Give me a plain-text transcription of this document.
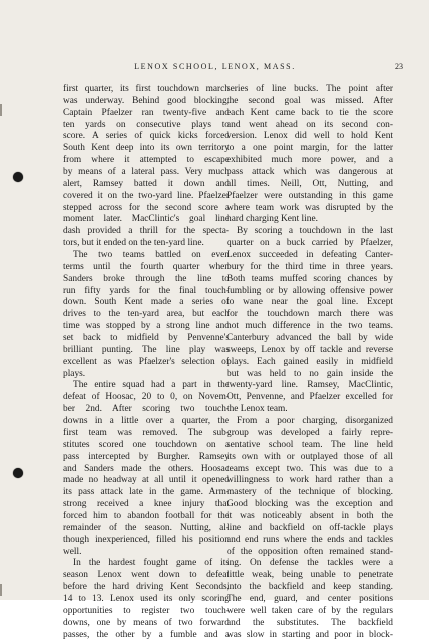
LENOX SCHOOL, LENOX, MASS.	23
first quarter, its first touchdown march
was underway. Behind good blocking,
Captain Pfaelzer ran twenty-five and
ten yards on consecutive plays to
score. A series of quick kicks forced
South Kent deep into its own territory
from where it attempted to escape
by means of a lateral pass. Very much
alert, Ramsey batted it down and
covered it on the two-yard line. Pfaelzer
stepped across for the second score a
moment later. MacClintic's goal line
dash provided a thrill for the specta-
tors, but it ended on the ten-yard line.
The two teams battled on even
terms until the fourth quarter when
Sanders broke through the line to
run fifty yards for the final touch-
down. South Kent made a series of
drives to the ten-yard area, but each
time was stopped by a strong line and
set back to midfield by Penvenne's
brilliant punting. The line play was
excellent as was Pfaelzer's selection of
plays.
The entire squad had a part in the
defeat of Hoosac, 20 to 0, on Novem-
ber 2nd. After scoring two touch-
downs in a little over a quarter, the
first team was removed. The sub-
stitutes scored one touchdown on a
pass intercepted by Burgher. Ramsey
and Sanders made the others. Hoosac
made no headway at all until it opened
its pass attack late in the game. Arm-
strong received a knee injury that
forced him to abandon football for the
remainder of the season. Nutting, al-
though inexperienced, filled his position
well.
In the hardest fought game of its
season Lenox went down to defeat
before the hard driving Kent Seconds,
14 to 13. Lenox used its only scoring
opportunities to register two touch-
downs, one by means of two forward
passes, the other by a fumble and a
series of line bucks. The point after
the second goal was missed. After
each Kent came back to tie the score
and went ahead on its second con-
version. Lenox did well to hold Kent
to a one point margin, for the latter
exhibited much more power, and a
pass attack which was dangerous at
all times. Neill, Ott, Nutting, and
Pfaelzer were outstanding in this game
where team work was disrupted by the
hard charging Kent line.
By scoring a touchdown in the last
quarter on a buck carried by Pfaelzer,
Lenox succeeded in defeating Canter-
bury for the third time in three years.
Both teams muffed scoring chances by
fumbling or by allowing offensive power
to wane near the goal line. Except
for the touchdown march there was
not much difference in the two teams.
Canterbury advanced the ball by wide
sweeps, Lenox by off tackle and reverse
plays. Each gained easily in midfield
but was held to no gain inside the
twenty-yard line. Ramsey, MacClintic,
Ott, Penvenne, and Pfaelzer excelled for
the Lenox team.
From a poor charging, disorganized
group was developed a fairly repre-
sentative school team. The line held
its own with or outplayed those of all
teams except two. This was due to a
willingness to work hard rather than a
mastery of the technique of blocking.
Good blocking was the exception and
it was noticeably absent in both the
line and backfield on off-tackle plays
and end runs where the ends and tackles
of the opposition often remained stand-
ing. On defense the tackles were a
little weak, being unable to penetrate
into the backfield and keep standing.
The end, guard, and center positions
were well taken care of by the regulars
and the substitutes. The backfield
was slow in starting and poor in block-
